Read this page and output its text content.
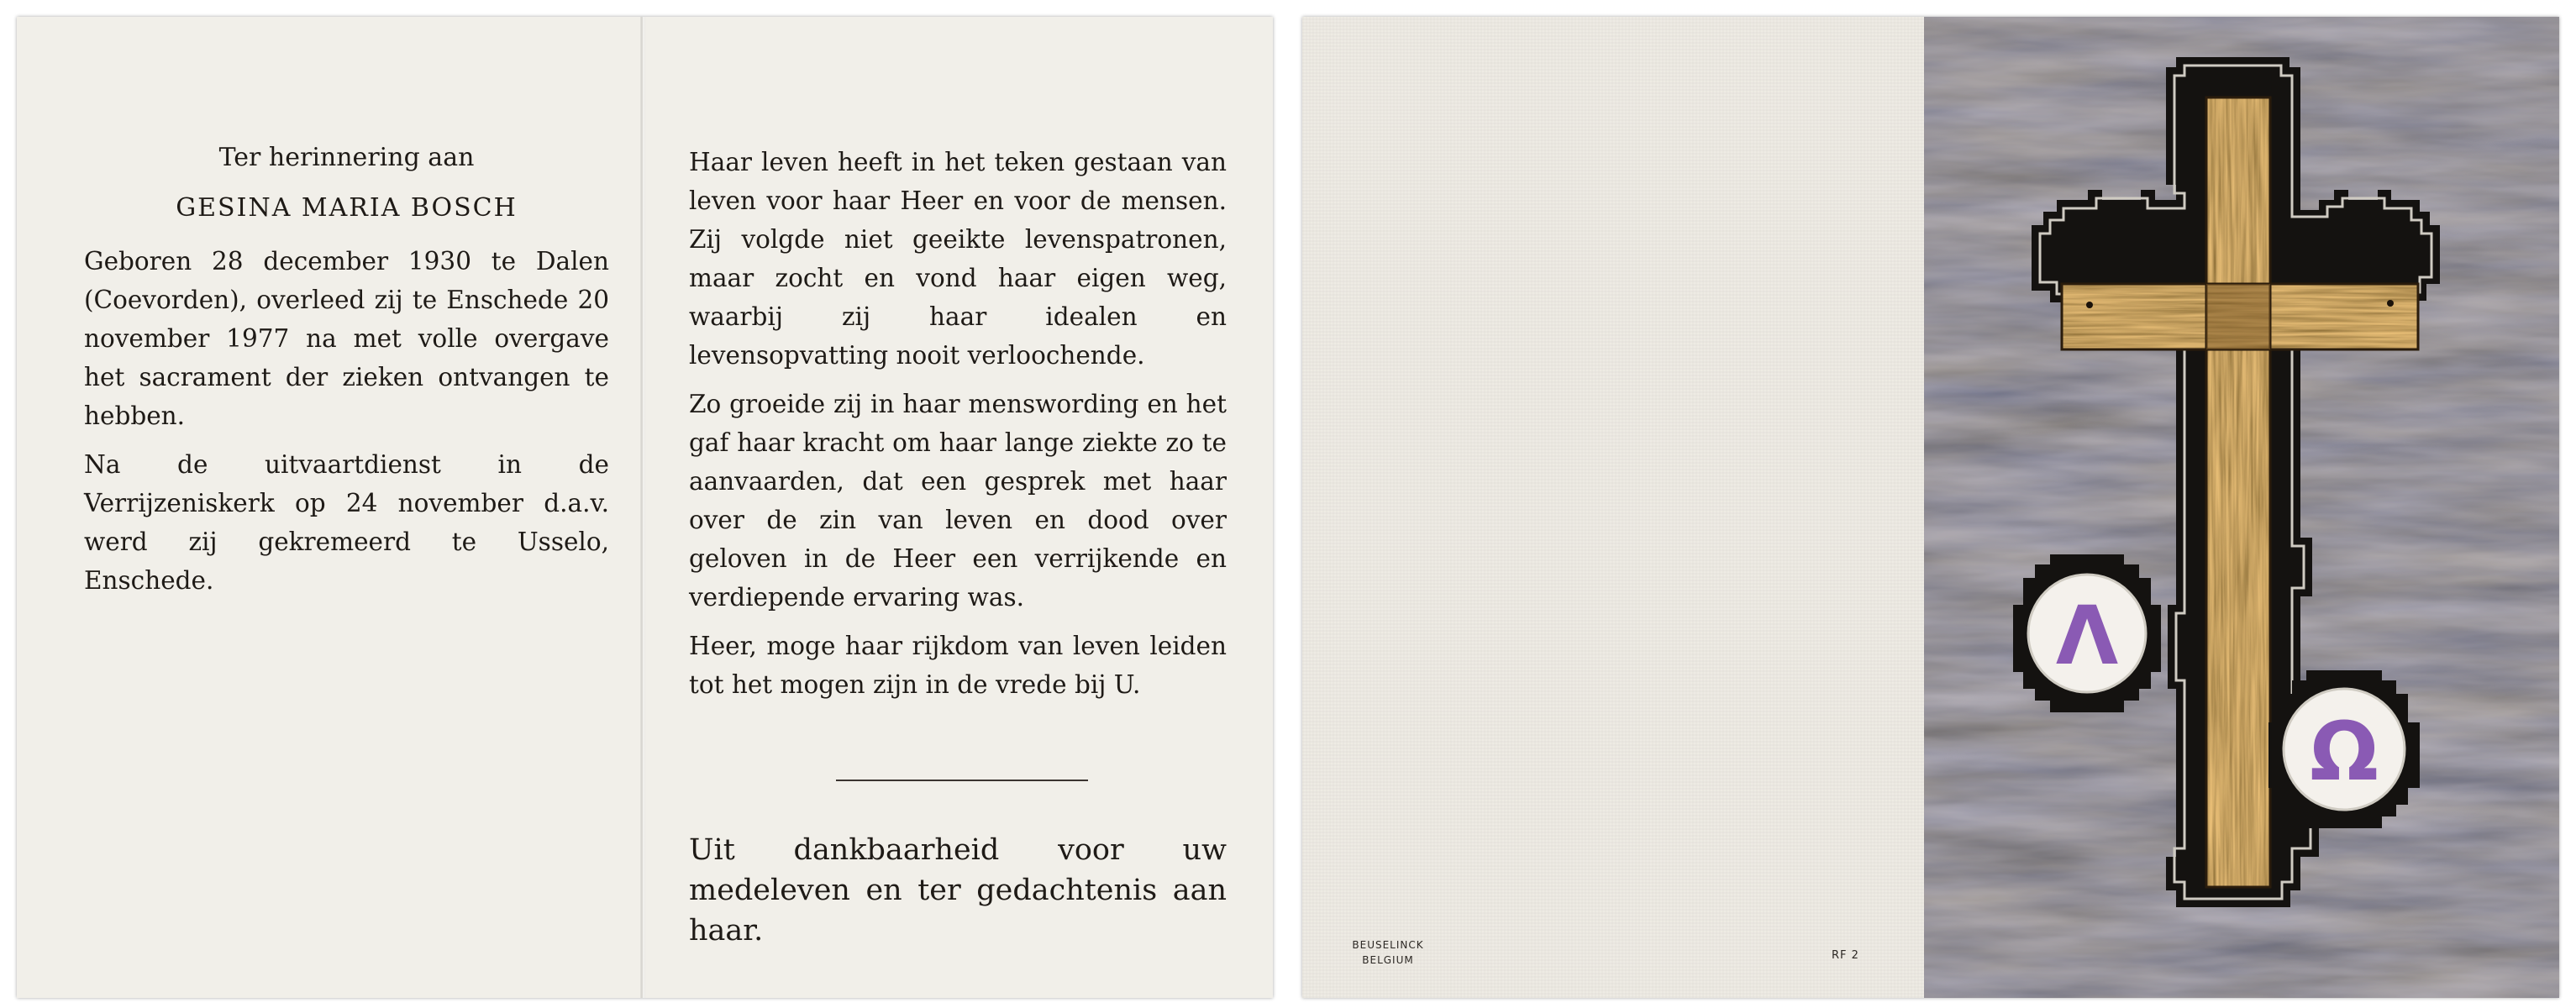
Ter herinnering aan
GESINA MARIA BOSCH

Geboren 28 december 1930 te Dalen (Coevorden), overleed zij te Enschede 20 november 1977 na met volle overgave het sacrament der zieken ontvangen te hebben.

Na de uitvaartdienst in de Verrijzeniskerk op 24 november d.a.v. werd zij gekremeerd te Usselo, Enschede.

Haar leven heeft in het teken gestaan van leven voor haar Heer en voor de mensen. Zij volgde niet geeikte levenspatronen, maar zocht en vond haar eigen weg, waarbij zij haar idealen en levensopvatting nooit verloochende.

Zo groeide zij in haar menswording en het gaf haar kracht om haar lange ziekte zo te aanvaarden, dat een gesprek met haar over de zin van leven en dood over geloven in de Heer een verrijkende en verdiepende ervaring was.

Heer, moge haar rijkdom van leven leiden tot het mogen zijn in de vrede bij U.

Uit dankbaarheid voor uw medeleven en ter gedachtenis aan haar.	BEUSELINCK
BELGIUM	RF 2
Λ
Ω
